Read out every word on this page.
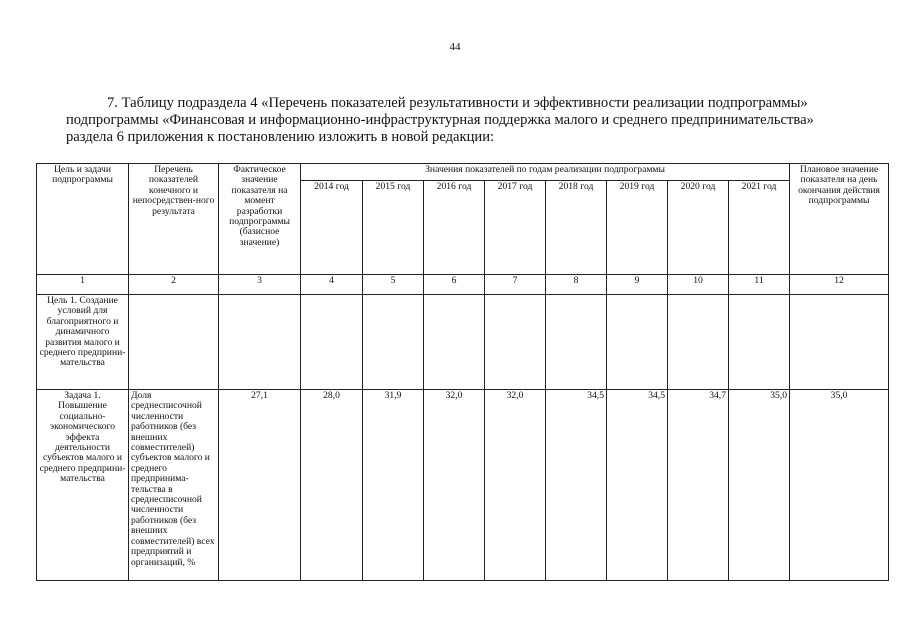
44
7. Таблицу подраздела 4 «Перечень показателей результативности и эффективности реализации подпрограммы»
подпрограммы «Финансовая и информационно-инфраструктурная поддержка малого и среднего предпринимательства»
раздела 6 приложения к постановлению изложить в новой редакции:
Цель и задачи подпрограммы	Перечень показателей конечного и непосредствен-ного результата	Фактическое значение показателя на момент разработки подпрограммы (базисное значение)	Значения показателей по годам реализации подпрограммы								Плановое значение показателя на день окончания действия подпрограммы
			2014 год	2015 год	2016 год	2017 год	2018 год	2019 год	2020 год	2021 год	
1	2	3	4	5	6	7	8	9	10	11	12
Цель 1. Создание условий для благоприятного и динамичного развития малого и среднего предприни-мательства											
Задача 1. Повышение социально-экономического эффекта деятельности субъектов малого и среднего предприни-мательства	Доля среднесписочной численности работников (без внешних совместителей) субъектов малого и среднего предпринима-тельства в среднесписочной численности работников (без внешних совместителей) всех предприятий и организаций, %	27,1	28,0	31,9	32,0	32,0	34,5	34,5	34,7	35,0	35,0
